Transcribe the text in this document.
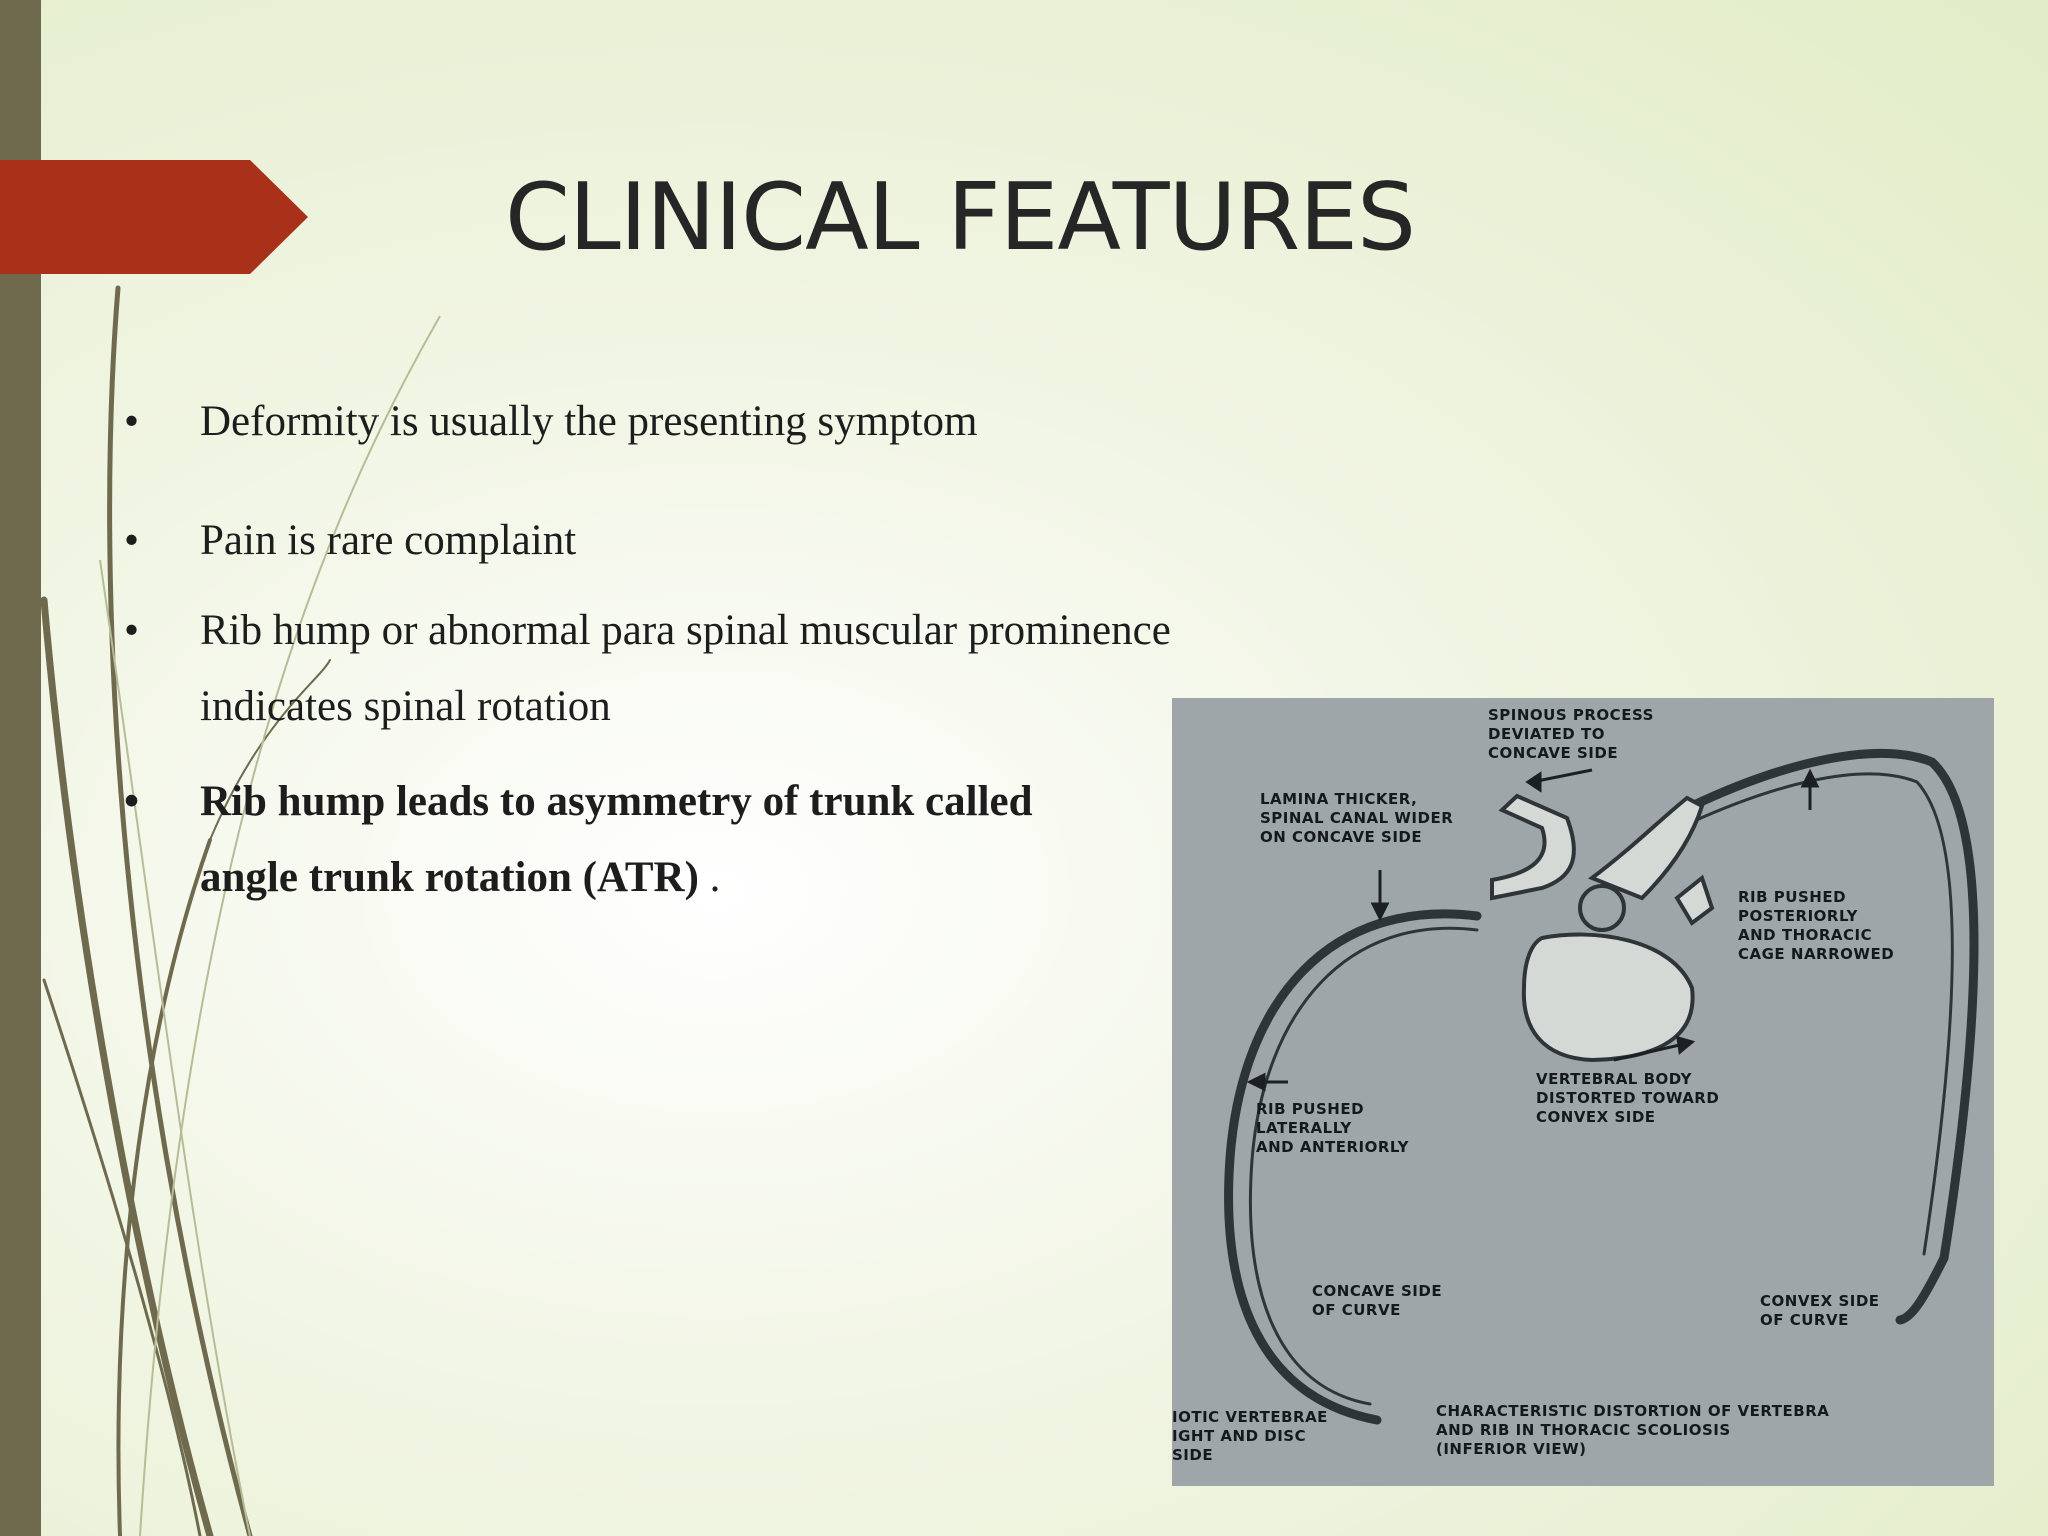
CLINICAL FEATURES
•	Deformity is usually the presenting symptom
•	Pain is rare complaint
•	Rib hump or abnormal para spinal muscular prominence indicates spinal rotation
•	Rib hump leads to asymmetry of trunk called angle trunk rotation (ATR) .
SPINOUS PROCESS
DEVIATED TO
CONCAVE SIDE
LAMINA THICKER,
SPINAL CANAL WIDER
ON CONCAVE SIDE
RIB PUSHED
POSTERIORLY
AND THORACIC
CAGE NARROWED
VERTEBRAL BODY
DISTORTED TOWARD
CONVEX SIDE
RIB PUSHED
LATERALLY
AND ANTERIORLY
CONCAVE SIDE
OF CURVE	CONVEX SIDE
OF CURVE
IOTIC VERTEBRAE
IGHT AND DISC
SIDE
CHARACTERISTIC DISTORTION OF VERTEBRA
AND RIB IN THORACIC SCOLIOSIS
(INFERIOR VIEW)
